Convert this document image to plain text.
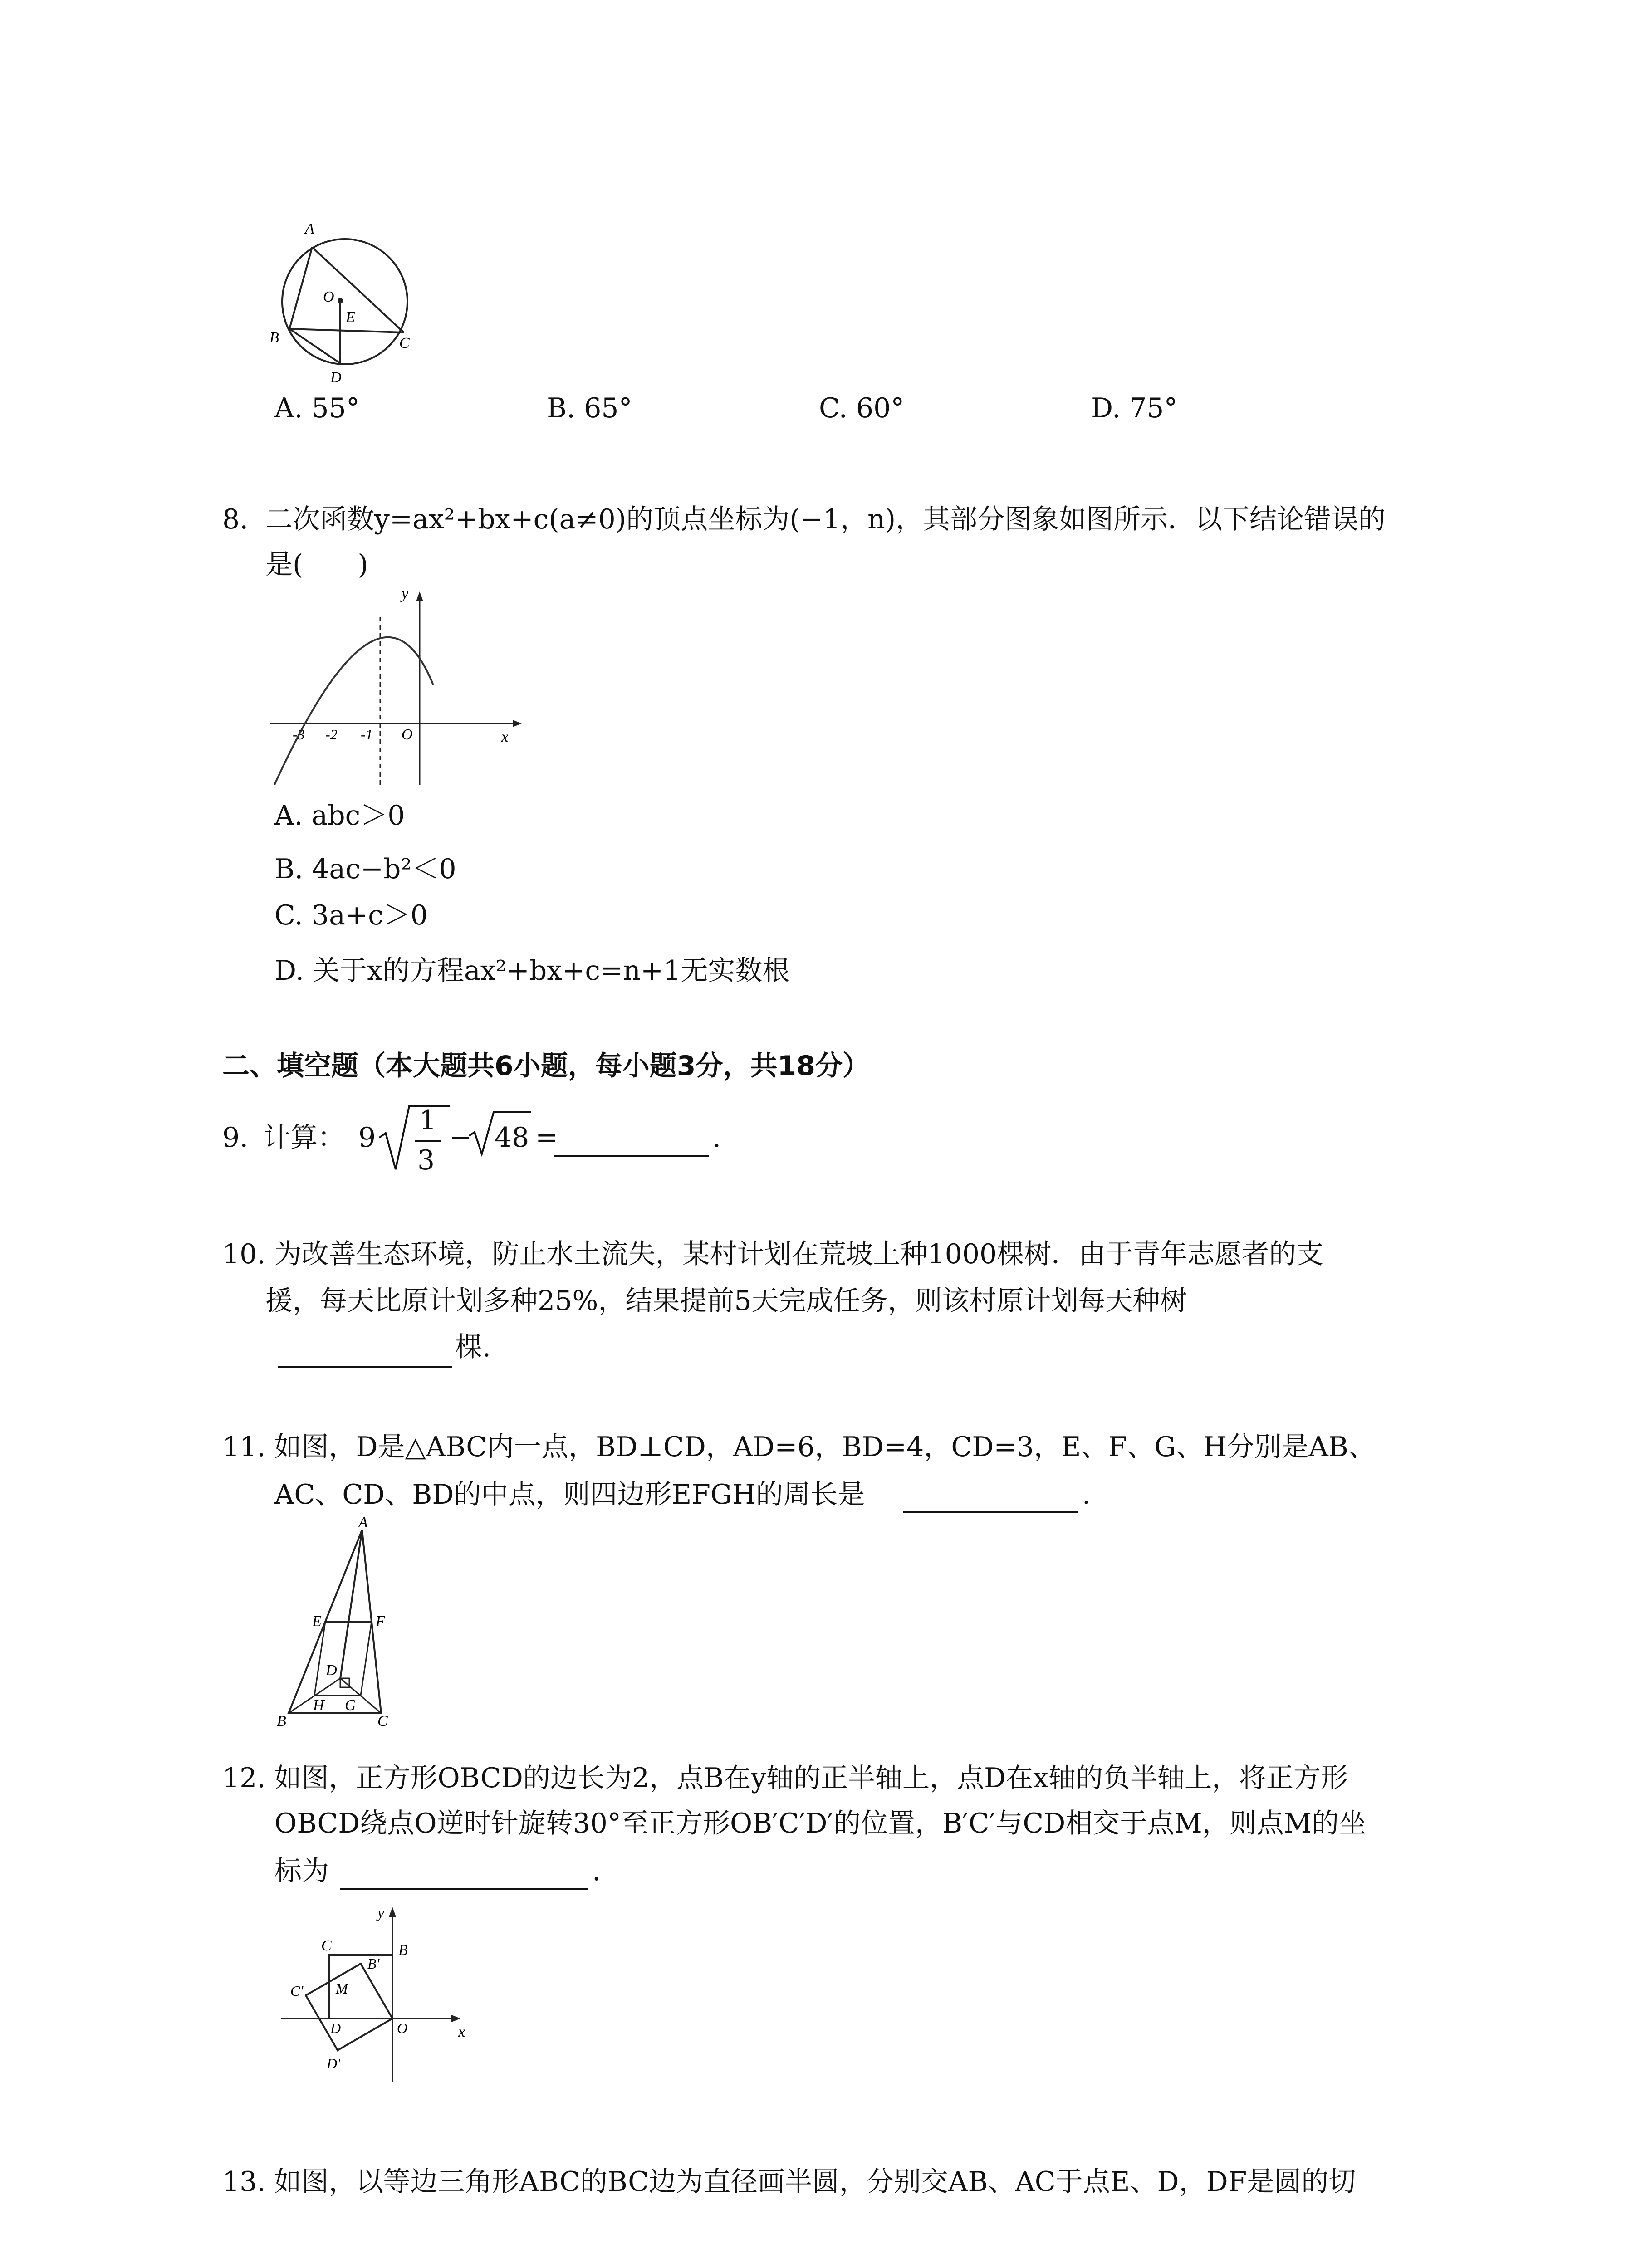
A
O
E
B	C
D
A. 55°	B. 65°	C. 60°	D. 75°
8. 二次函数y=ax²+bx+c(a≠0)的顶点坐标为(−1，n)，其部分图象如图所示．以下结论错误的
是(　　)
y
x
O
-3 -2 -1
A. abc＞0
B. 4ac−b²＜0
C. 3a+c＞0
D. 关于x的方程ax²+bx+c=n+1无实数根
二、填空题（本大题共6小题，每小题3分，共18分）
9. 计算： 9
1
3
− 48 =	.
10. 为改善生态环境，防止水土流失，某村计划在荒坡上种1000棵树．由于青年志愿者的支
援，每天比原计划多种25%，结果提前5天完成任务，则该村原计划每天种树
棵.
11. 如图，D是△ABC内一点，BD⊥CD，AD=6，BD=4，CD=3，E、F、G、H分别是AB、
AC、CD、BD的中点，则四边形EFGH的周长是	.
A
E	F
D
H G
B	C
12. 如图，正方形OBCD的边长为2，点B在y轴的正半轴上，点D在x轴的负半轴上，将正方形
OBCD绕点O逆时针旋转30°至正方形OB′C′D′的位置，B′C′与CD相交于点M，则点M的坐
标为	.
y
x
C	B
B'
C' M
D	O
D'
13. 如图，以等边三角形ABC的BC边为直径画半圆，分别交AB、AC于点E、D，DF是圆的切
